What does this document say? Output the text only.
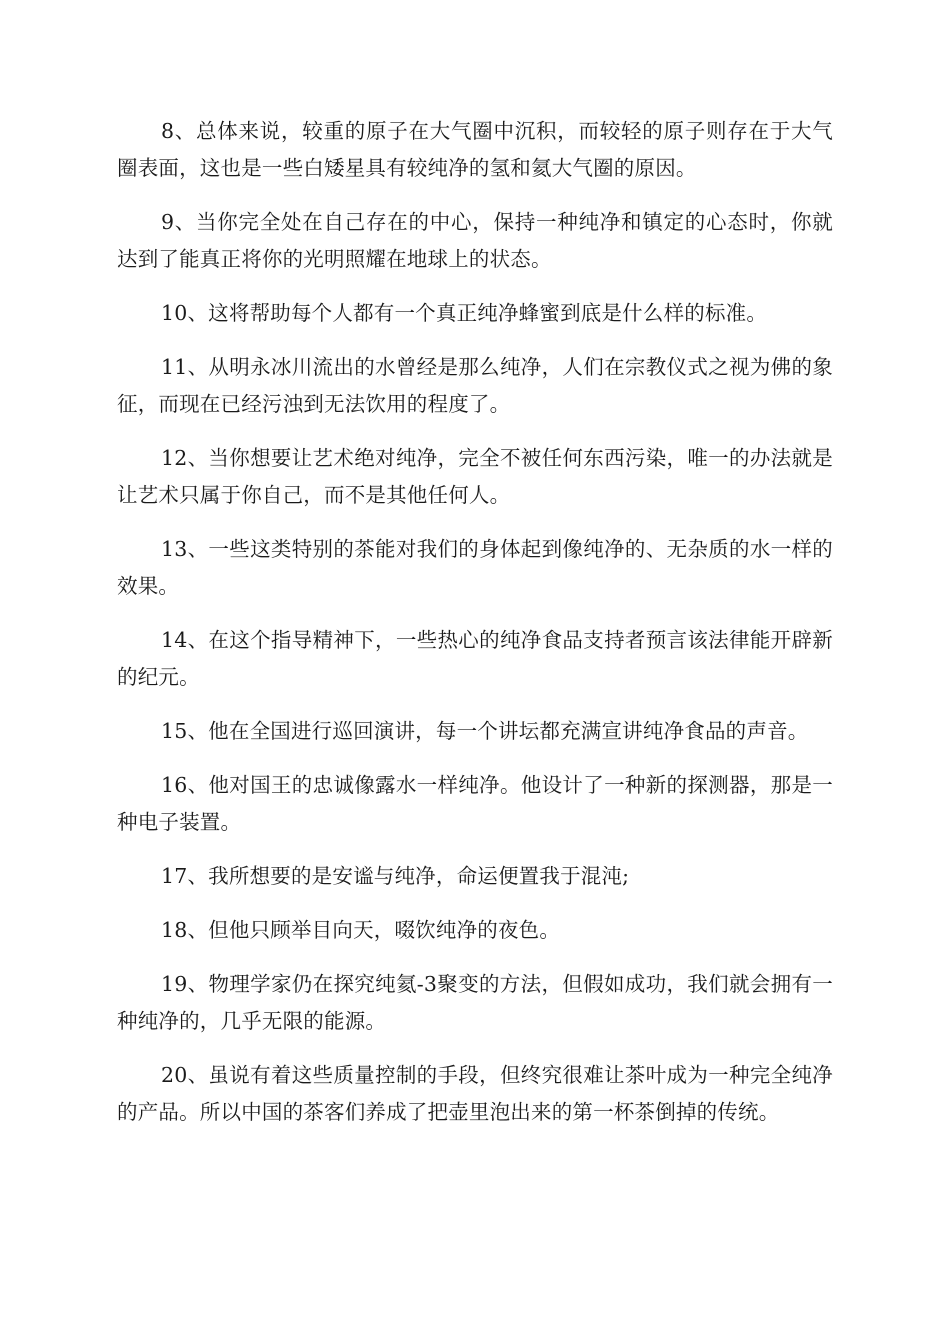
8、总体来说，较重的原子在大气圈中沉积，而较轻的原子则存在于大气圈表面，这也是一些白矮星具有较纯净的氢和氦大气圈的原因。

9、当你完全处在自己存在的中心，保持一种纯净和镇定的心态时，你就达到了能真正将你的光明照耀在地球上的状态。

10、这将帮助每个人都有一个真正纯净蜂蜜到底是什么样的标准。

11、从明永冰川流出的水曾经是那么纯净，人们在宗教仪式之视为佛的象征，而现在已经污浊到无法饮用的程度了。

12、当你想要让艺术绝对纯净，完全不被任何东西污染，唯一的办法就是让艺术只属于你自己，而不是其他任何人。

13、一些这类特别的茶能对我们的身体起到像纯净的、无杂质的水一样的效果。

14、在这个指导精神下，一些热心的纯净食品支持者预言该法律能开辟新的纪元。

15、他在全国进行巡回演讲，每一个讲坛都充满宣讲纯净食品的声音。

16、他对国王的忠诚像露水一样纯净。他设计了一种新的探测器，那是一种电子装置。

17、我所想要的是安谧与纯净，命运便置我于混沌;

18、但他只顾举目向天，啜饮纯净的夜色。

19、物理学家仍在探究纯氦-3聚变的方法，但假如成功，我们就会拥有一种纯净的，几乎无限的能源。

20、虽说有着这些质量控制的手段，但终究很难让茶叶成为一种完全纯净的产品。所以中国的茶客们养成了把壶里泡出来的第一杯茶倒掉的传统。
